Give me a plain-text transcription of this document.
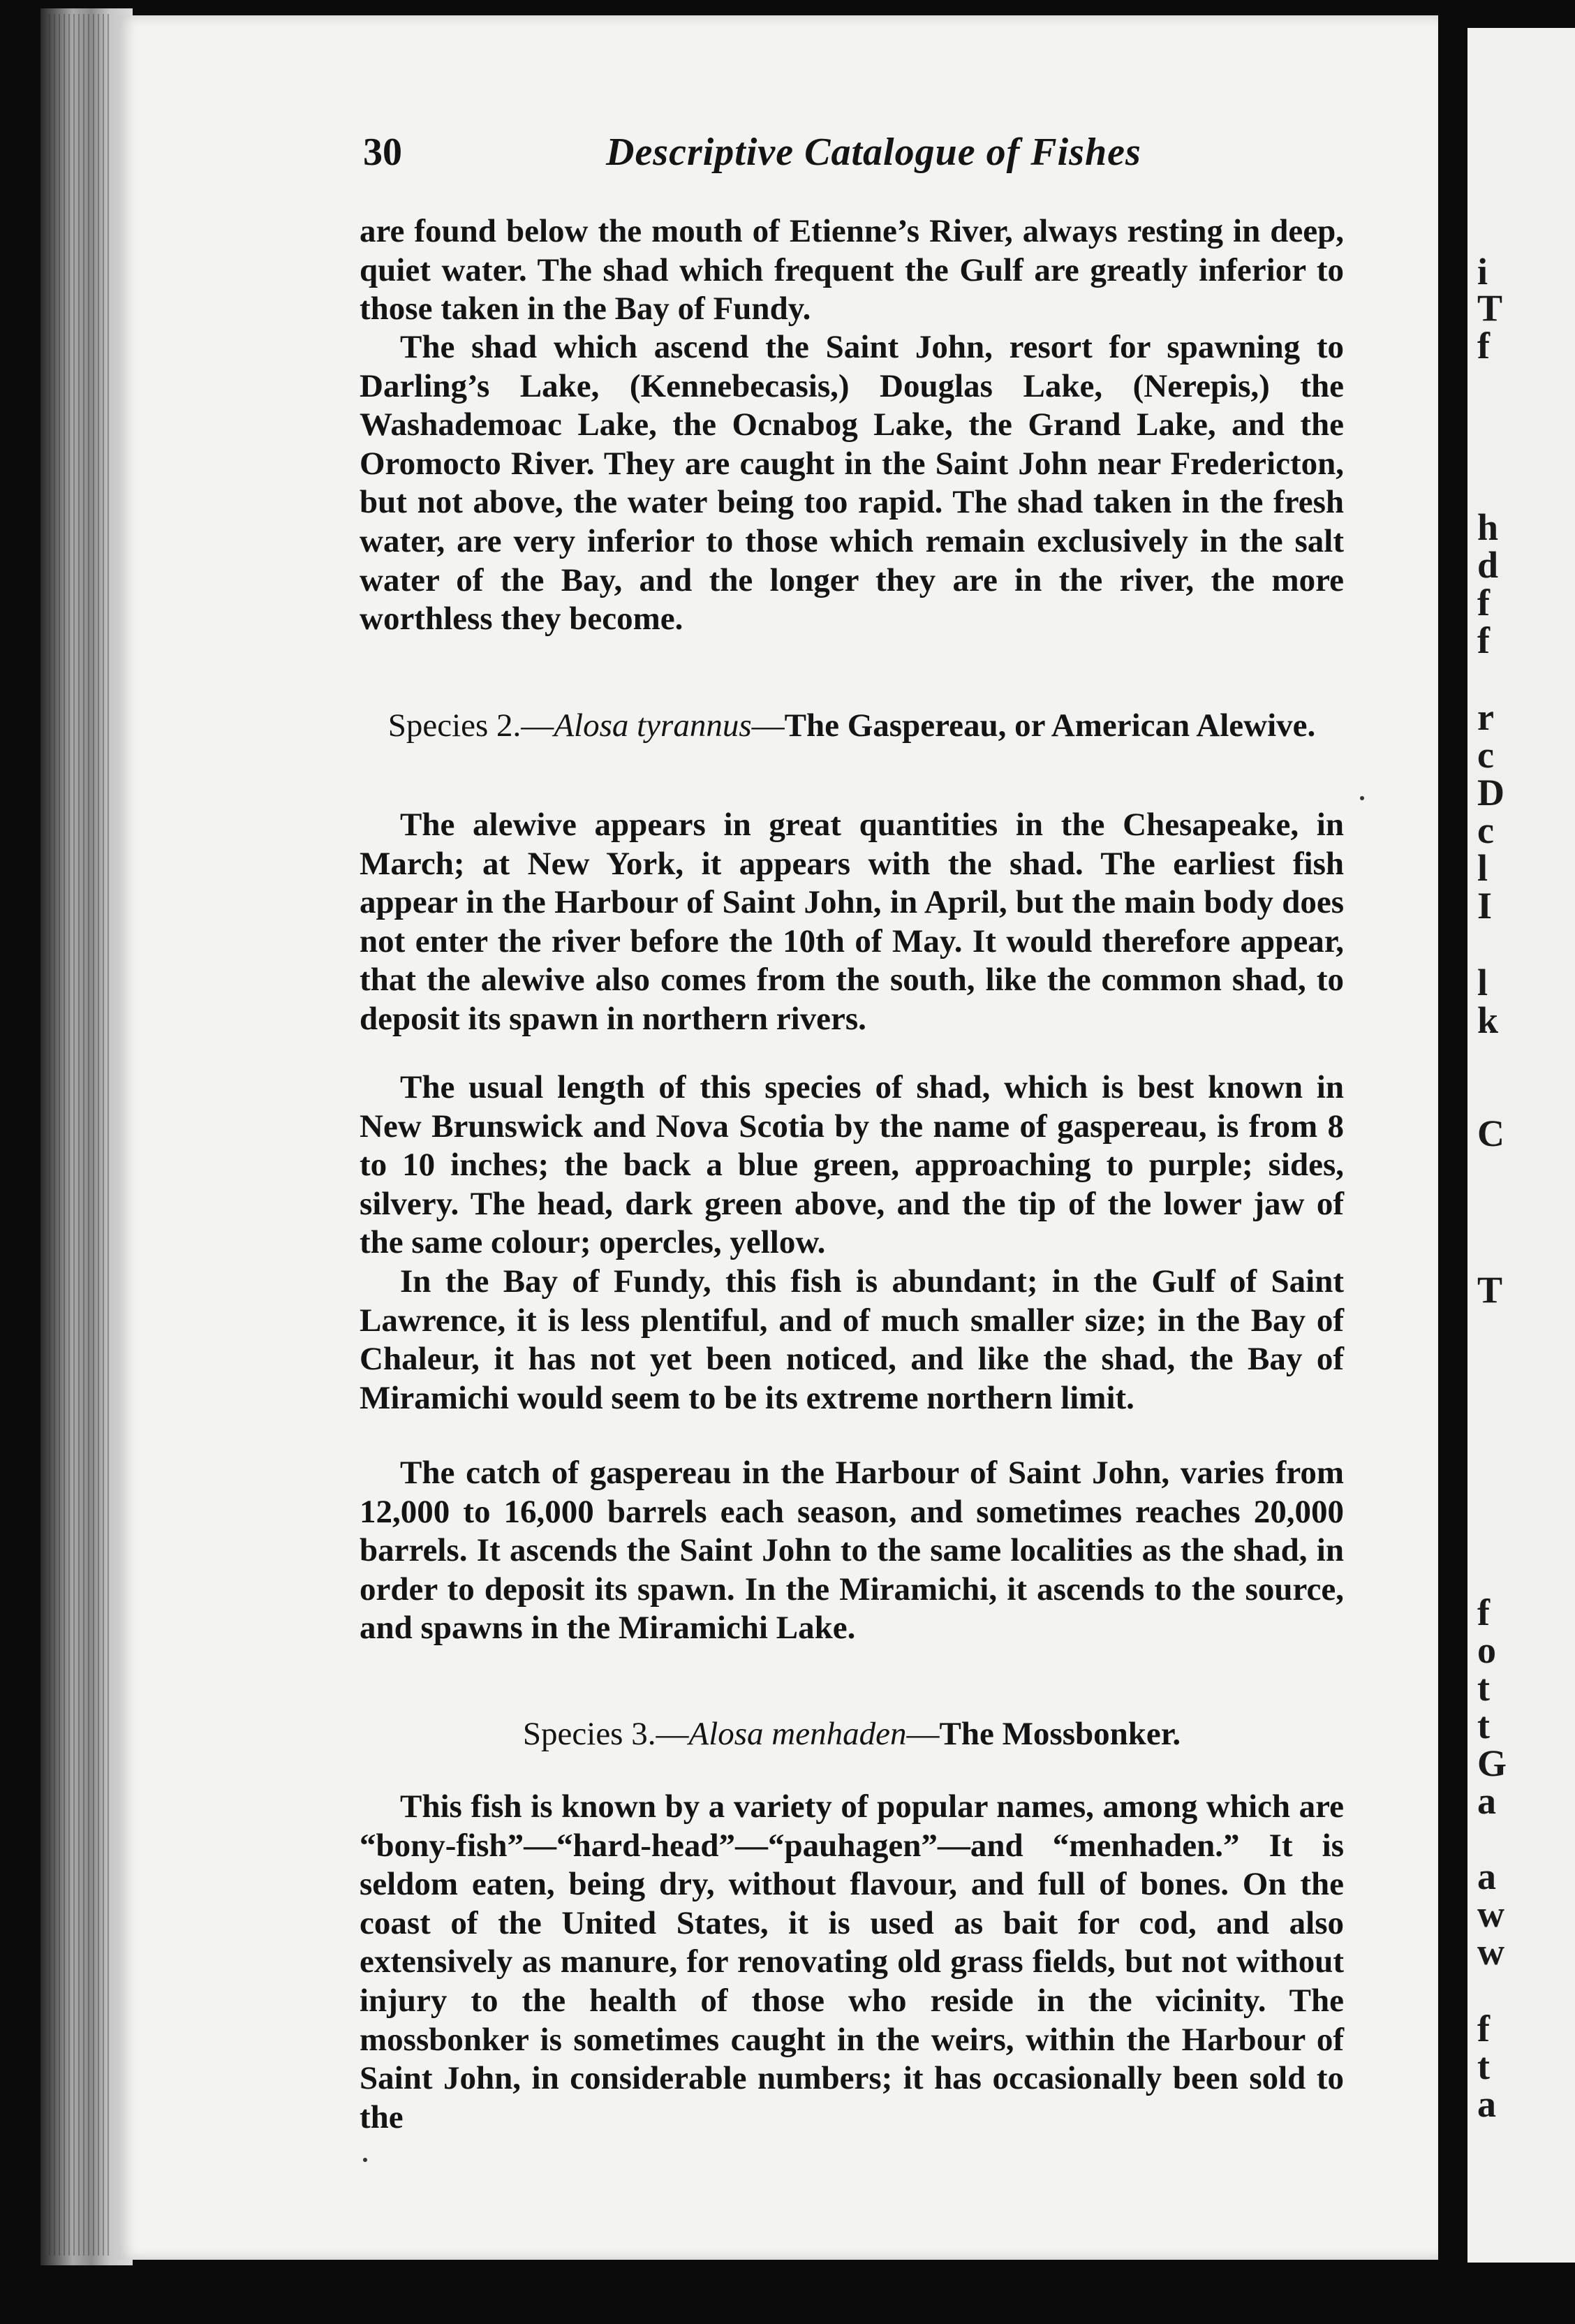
i
T
f
h
d
f
f
r
c
D
c
l
I
l
k
C
T
f
o
t
t
G
a
a
w
w
f
t
a
30	Descriptive Catalogue of Fishes

are found below the mouth of Etienne’s River, always resting in deep, quiet water. The shad which frequent the Gulf are greatly inferior to those taken in the Bay of Fundy.

The shad which ascend the Saint John, resort for spawning to Darling’s Lake, (Kennebecasis,) Douglas Lake, (Nerepis,) the Washademoac Lake, the Ocnabog Lake, the Grand Lake, and the Oromocto River. They are caught in the Saint John near Fredericton, but not above, the water being too rapid. The shad taken in the fresh water, are very inferior to those which remain exclusively in the salt water of the Bay, and the longer they are in the river, the more worthless they become.

Species 2.—Alosa tyrannus—The Gaspereau, or American Alewive.

The alewive appears in great quantities in the Chesapeake, in March; at New York, it appears with the shad. The earliest fish appear in the Harbour of Saint John, in April, but the main body does not enter the river before the 10th of May. It would therefore appear, that the alewive also comes from the south, like the common shad, to deposit its spawn in northern rivers.

The usual length of this species of shad, which is best known in New Brunswick and Nova Scotia by the name of gaspereau, is from 8 to 10 inches; the back a blue green, approaching to purple; sides, silvery. The head, dark green above, and the tip of the lower jaw of the same colour; opercles, yellow.

In the Bay of Fundy, this fish is abundant; in the Gulf of Saint Lawrence, it is less plentiful, and of much smaller size; in the Bay of Chaleur, it has not yet been noticed, and like the shad, the Bay of Miramichi would seem to be its extreme northern limit.

The catch of gaspereau in the Harbour of Saint John, varies from 12,000 to 16,000 barrels each season, and sometimes reaches 20,000 barrels. It ascends the Saint John to the same localities as the shad, in order to deposit its spawn. In the Miramichi, it ascends to the source, and spawns in the Miramichi Lake.

Species 3.—Alosa menhaden—The Mossbonker.

This fish is known by a variety of popular names, among which are “bony-fish”—“hard-head”—“pauhagen”—and “menhaden.” It is seldom eaten, being dry, without flavour, and full of bones. On the coast of the United States, it is used as bait for cod, and also extensively as manure, for renovating old grass fields, but not without injury to the health of those who reside in the vicinity. The mossbonker is sometimes caught in the weirs, within the Harbour of Saint John, in considerable numbers; it has occasionally been sold to the
